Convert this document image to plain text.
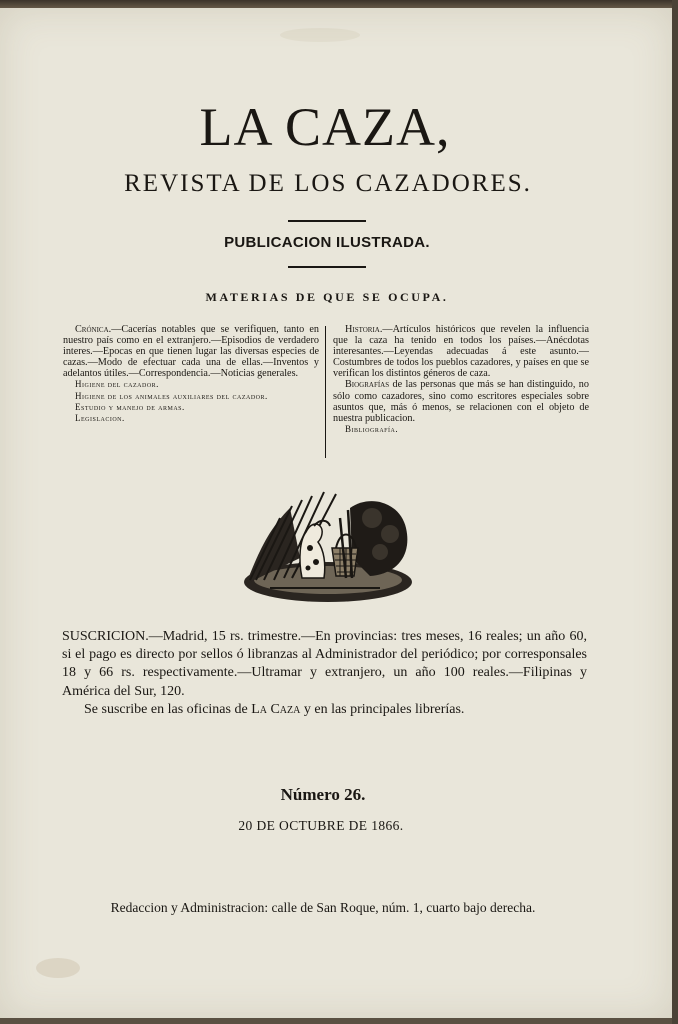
LA CAZA,
REVISTA DE LOS CAZADORES.
PUBLICACION ILUSTRADA.
MATERIAS DE QUE SE OCUPA.

Crónica.—Cacerías notables que se verifiquen, tanto en nuestro país como en el extranjero.—Episodios de verdadero interes.—Epocas en que tienen lugar las diversas especies de cazas.—Modo de efectuar cada una de ellas.—Inventos y adelantos útiles.—Correspondencia.—Noticias generales.

Higiene del cazador.

Higiene de los animales auxiliares del cazador.

Estudio y manejo de armas.

Legislacion.

Historia.—Artículos históricos que revelen la influencia que la caza ha tenido en todos los países.—Anécdotas interesantes.—Leyendas adecuadas á este asunto.—Costumbres de todos los pueblos cazadores, y países en que se verifican los distintos géneros de caza.

Biografías de las personas que más se han distinguido, no sólo como cazadores, sino como escritores especiales sobre asuntos que, más ó menos, se relacionen con el objeto de nuestra publicacion.

Bibliografía.

SUSCRICION.—Madrid, 15 rs. trimestre.—En provincias: tres meses, 16 reales; un año 60, si el pago es directo por sellos ó libranzas al Administrador del periódico; por corresponsales 18 y 66 rs. respectivamente.—Ultramar y extranjero, un año 100 reales.—Filipinas y América del Sur, 120.

Se suscribe en las oficinas de La Caza y en las principales librerías.

Número 26.
20 DE OCTUBRE DE 1866.
Redaccion y Administracion: calle de San Roque, núm. 1, cuarto bajo derecha.
